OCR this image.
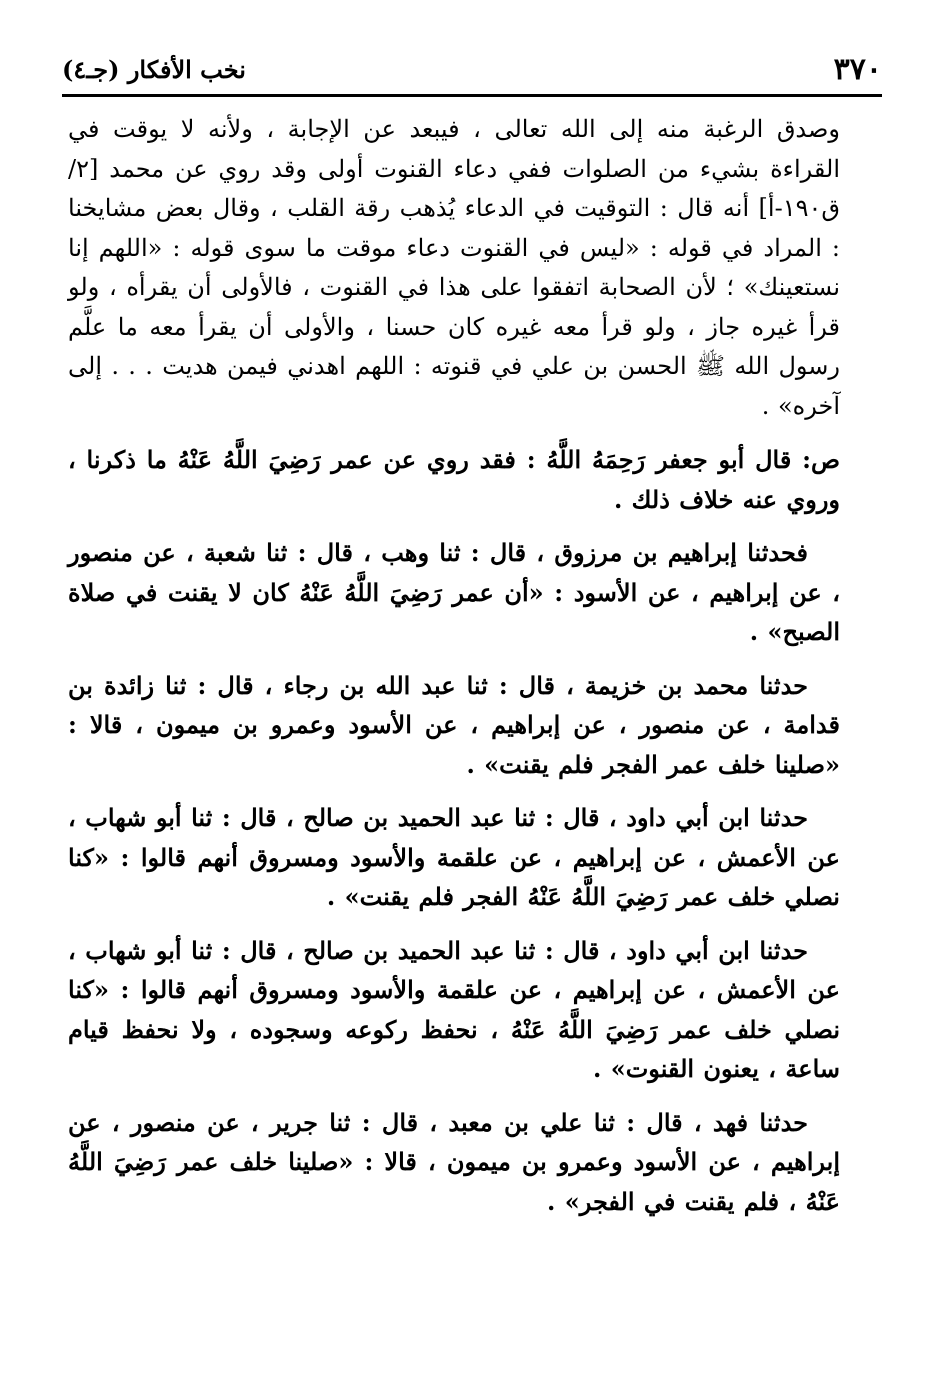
٣٧٠
نخب الأفكار (جـ٤)

وصدق الرغبة منه إلى الله تعالى ، فيبعد عن الإجابة ، ولأنه لا يوقت في القراءة بشيء من الصلوات ففي دعاء القنوت أولى وقد روي عن محمد [٢/ق١٩٠-أ] أنه قال : التوقيت في الدعاء يُذهب رقة القلب ، وقال بعض مشايخنا : المراد في قوله : «ليس في القنوت دعاء موقت ما سوى قوله : «اللهم إنا نستعينك» ؛ لأن الصحابة اتفقوا على هذا في القنوت ، فالأولى أن يقرأه ، ولو قرأ غيره جاز ، ولو قرأ معه غيره كان حسنا ، والأولى أن يقرأ معه ما علَّم رسول الله ﷺ الحسن بن علي في قنوته : اللهم اهدني فيمن هديت . . . إلى آخره» .

ص: قال أبو جعفر رَحِمَهُ اللَّهُ : فقد روي عن عمر رَضِيَ اللَّهُ عَنْهُ ما ذكرنا ، وروي عنه خلاف ذلك .

فحدثنا إبراهيم بن مرزوق ، قال : ثنا وهب ، قال : ثنا شعبة ، عن منصور ، عن إبراهيم ، عن الأسود : «أن عمر رَضِيَ اللَّهُ عَنْهُ كان لا يقنت في صلاة الصبح» .

حدثنا محمد بن خزيمة ، قال : ثنا عبد الله بن رجاء ، قال : ثنا زائدة بن قدامة ، عن منصور ، عن إبراهيم ، عن الأسود وعمرو بن ميمون ، قالا : «صلينا خلف عمر الفجر فلم يقنت» .

حدثنا ابن أبي داود ، قال : ثنا عبد الحميد بن صالح ، قال : ثنا أبو شهاب ، عن الأعمش ، عن إبراهيم ، عن علقمة والأسود ومسروق أنهم قالوا : «كنا نصلي خلف عمر رَضِيَ اللَّهُ عَنْهُ الفجر فلم يقنت» .

حدثنا ابن أبي داود ، قال : ثنا عبد الحميد بن صالح ، قال : ثنا أبو شهاب ، عن الأعمش ، عن إبراهيم ، عن علقمة والأسود ومسروق أنهم قالوا : «كنا نصلي خلف عمر رَضِيَ اللَّهُ عَنْهُ ، نحفظ ركوعه وسجوده ، ولا نحفظ قيام ساعة ، يعنون القنوت» .

حدثنا فهد ، قال : ثنا علي بن معبد ، قال : ثنا جرير ، عن منصور ، عن إبراهيم ، عن الأسود وعمرو بن ميمون ، قالا : «صلينا خلف عمر رَضِيَ اللَّهُ عَنْهُ ، فلم يقنت في الفجر» .
